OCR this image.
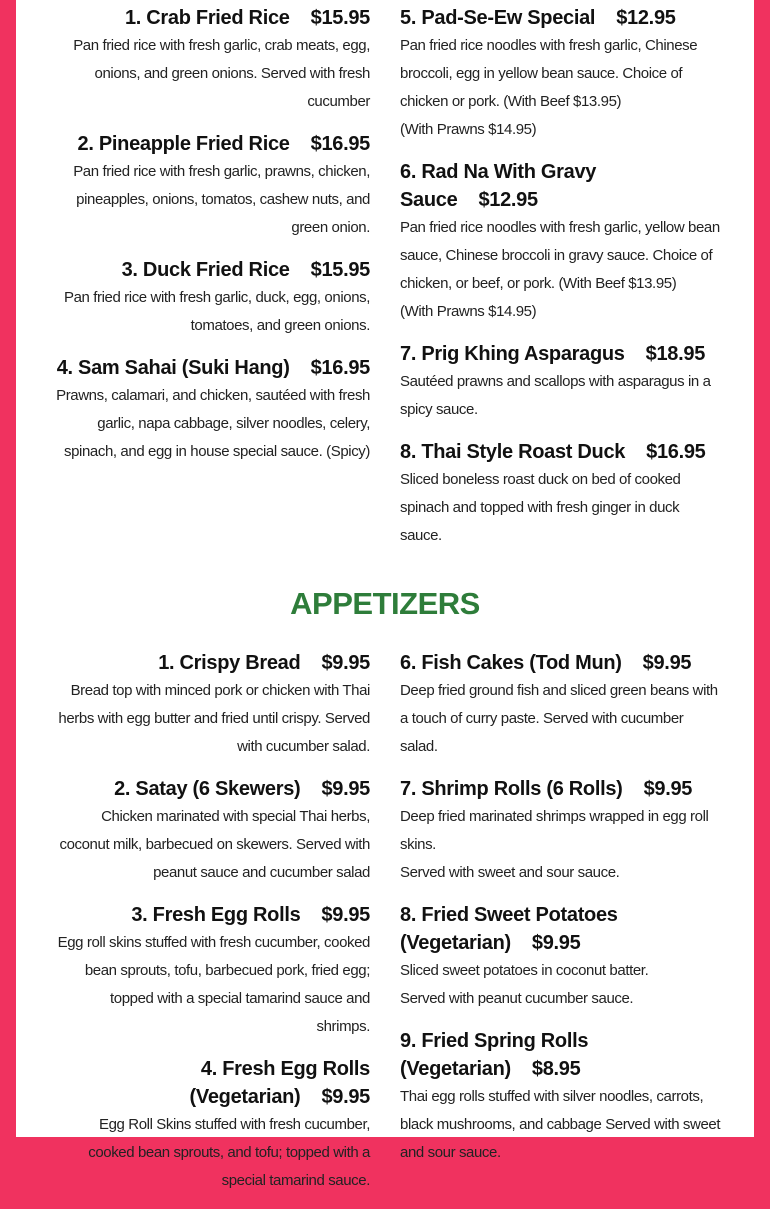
1. Crab Fried Rice    $15.95
Pan fried rice with fresh garlic, crab meats, egg, onions, and green onions. Served with fresh cucumber
2. Pineapple Fried Rice    $16.95
Pan fried rice with fresh garlic, prawns, chicken, pineapples, onions, tomatos, cashew nuts, and green onion.
3. Duck Fried Rice    $15.95
Pan fried rice with fresh garlic, duck, egg, onions, tomatoes, and green onions.
4. Sam Sahai (Suki Hang)    $16.95
Prawns, calamari, and chicken, sautéed with fresh garlic, napa cabbage, silver noodles, celery, spinach, and egg in house special sauce. (Spicy)
5. Pad-Se-Ew Special    $12.95
Pan fried rice noodles with fresh garlic, Chinese broccoli, egg in yellow bean sauce. Choice of chicken or pork. (With Beef $13.95)
(With Prawns $14.95)
6. Rad Na With Gravy
Sauce    $12.95
Pan fried rice noodles with fresh garlic, yellow bean sauce, Chinese broccoli in gravy sauce. Choice of chicken, or beef, or pork. (With Beef $13.95)
(With Prawns $14.95)
7. Prig Khing Asparagus    $18.95
Sautéed prawns and scallops with asparagus in a spicy sauce.
8. Thai Style Roast Duck    $16.95
Sliced boneless roast duck on bed of cooked spinach and topped with fresh ginger in duck sauce.
APPETIZERS
1. Crispy Bread    $9.95
Bread top with minced pork or chicken with Thai herbs with egg butter and fried until crispy. Served with cucumber salad.
2. Satay (6 Skewers)    $9.95
Chicken marinated with special Thai herbs, coconut milk, barbecued on skewers. Served with peanut sauce and cucumber salad
3. Fresh Egg Rolls    $9.95
Egg roll skins stuffed with fresh cucumber, cooked bean sprouts, tofu, barbecued pork, fried egg; topped with a special tamarind sauce and shrimps.
4. Fresh Egg Rolls
(Vegetarian)    $9.95
Egg Roll Skins stuffed with fresh cucumber, cooked bean sprouts, and tofu; topped with a special tamarind sauce.
6. Fish Cakes (Tod Mun)    $9.95
Deep fried ground fish and sliced green beans with a touch of curry paste. Served with cucumber salad.
7. Shrimp Rolls (6 Rolls)    $9.95
Deep fried marinated shrimps wrapped in egg roll skins.
Served with sweet and sour sauce.
8. Fried Sweet Potatoes
(Vegetarian)    $9.95
Sliced sweet potatoes in coconut batter.
Served with peanut cucumber sauce.
9. Fried Spring Rolls
(Vegetarian)    $8.95
Thai egg rolls stuffed with silver noodles, carrots, black mushrooms, and cabbage Served with sweet and sour sauce.
